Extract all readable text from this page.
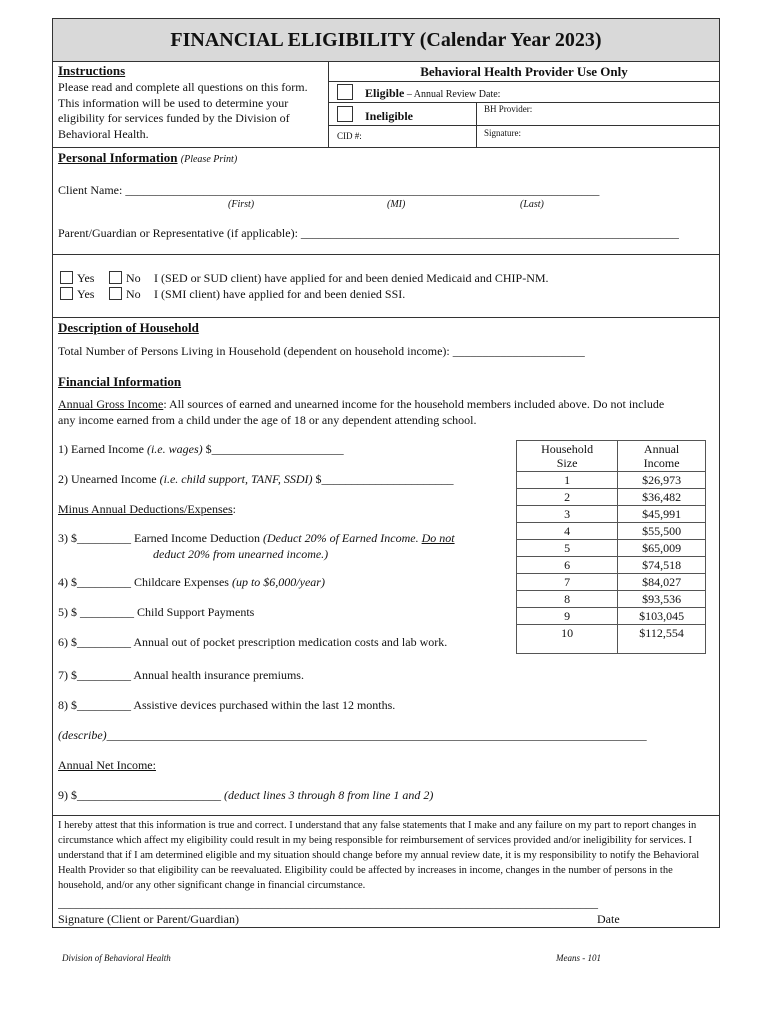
FINANCIAL ELIGIBILITY (Calendar Year 2023)
Instructions
Please read and complete all questions on this form.
This information will be used to determine your
eligibility for services funded by the Division of
Behavioral Health.
Behavioral Health Provider Use Only
Eligible – Annual Review Date:
Ineligible	BH Provider:
CID #:	Signature:
Personal Information (Please Print)
Client Name: _______________________________________________________________________________
(First)	(MI)	(Last)
Parent/Guardian or Representative (if applicable): _______________________________________________________________
Yes	No I (SED or SUD client) have applied for and been denied Medicaid and CHIP-NM.
Yes	No I (SMI client) have applied for and been denied SSI.
Description of Household
Total Number of Persons Living in Household (dependent on household income): ______________________
Financial Information
Annual Gross Income: All sources of earned and unearned income for the household members included above. Do not include
any income earned from a child under the age of 18 or any dependent attending school.
1) Earned Income (i.e. wages) $______________________
2) Unearned Income (i.e. child support, TANF, SSDI) $______________________
Minus Annual Deductions/Expenses:
3) $_________ Earned Income Deduction (Deduct 20% of Earned Income. Do not
deduct 20% from unearned income.)
4) $_________ Childcare Expenses (up to $6,000/year)
5) $ _________ Child Support Payments
6) $_________ Annual out of pocket prescription medication costs and lab work.
7) $_________ Annual health insurance premiums.
8) $_________ Assistive devices purchased within the last 12 months.
(describe)__________________________________________________________________________________________
Annual Net Income:
9) $________________________ (deduct lines 3 through 8 from line 1 and 2)
Household
Size	Annual
Income
1	$26,973
2	$36,482
3	$45,991
4	$55,500
5	$65,009
6	$74,518
7	$84,027
8	$93,536
9	$103,045
10	$112,554
I hereby attest that this information is true and correct. I understand that any false statements that I make and any failure on my part to report changes in circumstance which affect my eligibility could result in my being responsible for reimbursement of services provided and/or ineligibility for services. I understand that if I am determined eligible and my situation should change before my annual review date, it is my responsibility to notify the Behavioral Health Provider so that eligibility can be reevaluated. Eligibility could be affected by increases in income, changes in the number of persons in the household, and/or any other significant change in financial circumstance.
__________________________________________________________________________________________
Signature (Client or Parent/Guardian)	Date
Division of Behavioral Health	Means - 101
